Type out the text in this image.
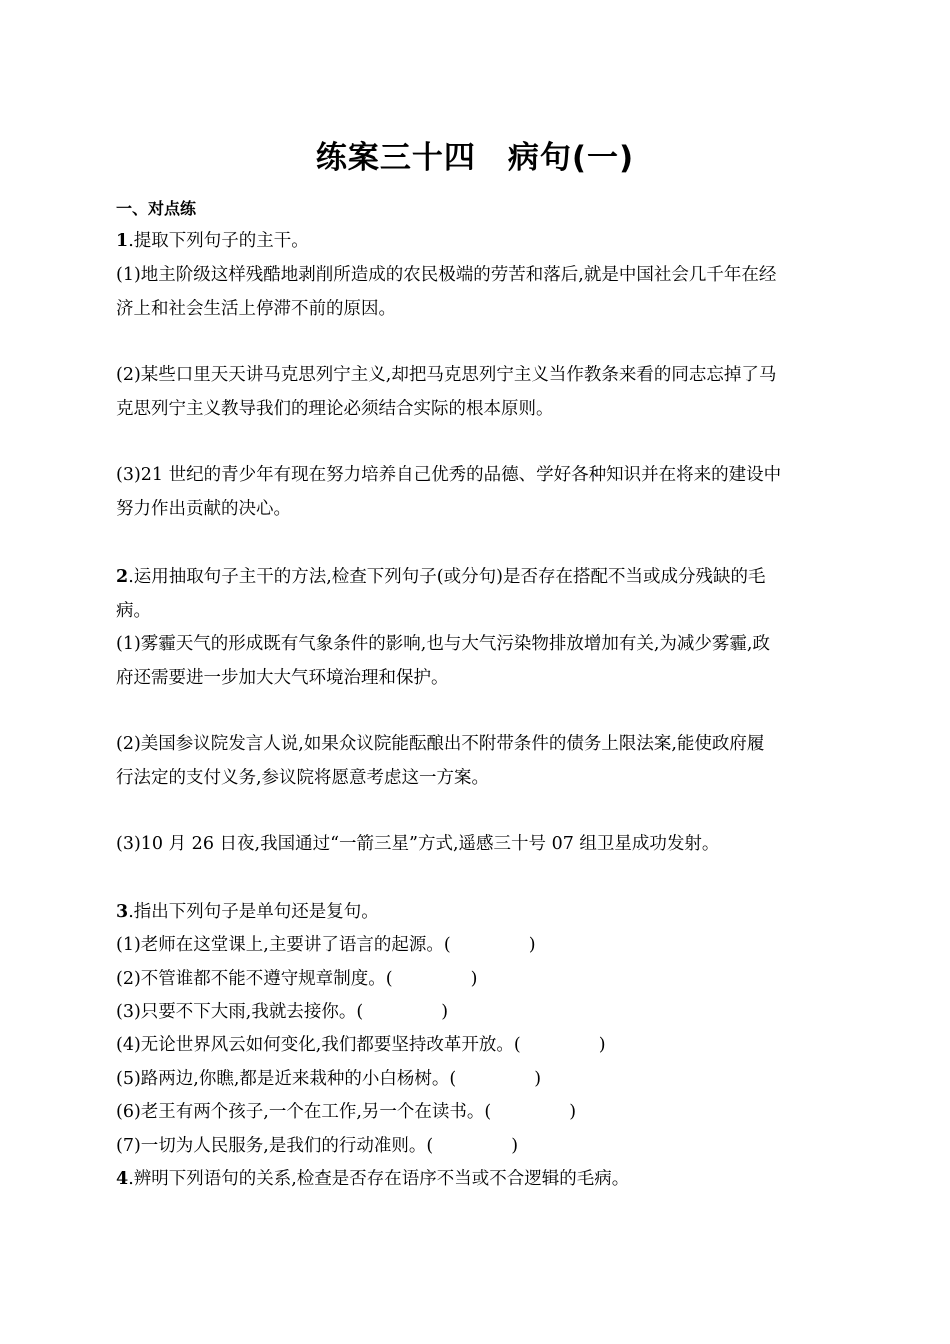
练案三十四　病句(一)
一、对点练
1.提取下列句子的主干。
(1)地主阶级这样残酷地剥削所造成的农民极端的劳苦和落后,就是中国社会几千年在经
济上和社会生活上停滞不前的原因。
(2)某些口里天天讲马克思列宁主义,却把马克思列宁主义当作教条来看的同志忘掉了马
克思列宁主义教导我们的理论必须结合实际的根本原则。
(3)21 世纪的青少年有现在努力培养自己优秀的品德、学好各种知识并在将来的建设中
努力作出贡献的决心。
2.运用抽取句子主干的方法,检查下列句子(或分句)是否存在搭配不当或成分残缺的毛
病。
(1)雾霾天气的形成既有气象条件的影响,也与大气污染物排放增加有关,为减少雾霾,政
府还需要进一步加大大气环境治理和保护。
(2)美国参议院发言人说,如果众议院能酝酿出不附带条件的债务上限法案,能使政府履
行法定的支付义务,参议院将愿意考虑这一方案。
(3)10 月 26 日夜,我国通过“一箭三星”方式,遥感三十号 07 组卫星成功发射。
3.指出下列句子是单句还是复句。
(1)老师在这堂课上,主要讲了语言的起源。(	)
(2)不管谁都不能不遵守规章制度。(	)
(3)只要不下大雨,我就去接你。(	)
(4)无论世界风云如何变化,我们都要坚持改革开放。(	)
(5)路两边,你瞧,都是近来栽种的小白杨树。(	)
(6)老王有两个孩子,一个在工作,另一个在读书。(	)
(7)一切为人民服务,是我们的行动准则。(	)
4.辨明下列语句的关系,检查是否存在语序不当或不合逻辑的毛病。
